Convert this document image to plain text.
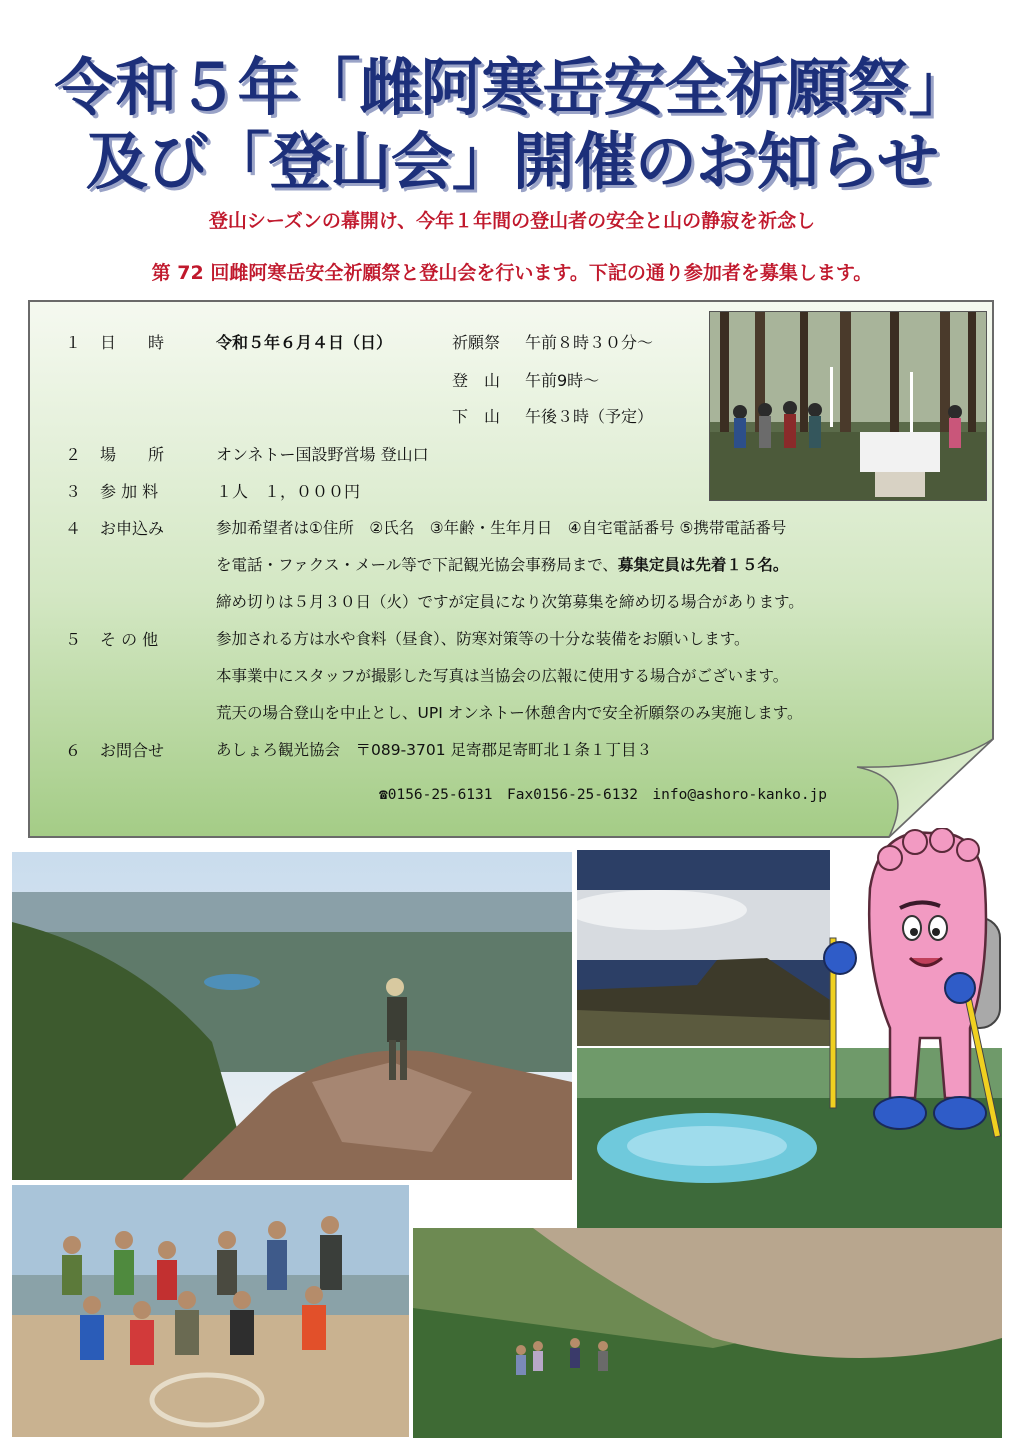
令和５年「雌阿寒岳安全祈願祭」
及び「登山会」開催のお知らせ
登山シーズンの幕開け、今年１年間の登山者の安全と山の静寂を祈念し
第 72 回雌阿寒岳安全祈願祭と登山会を行います。下記の通り参加者を募集します。
１ 日　　時	令和５年６月４日（日）	祈願祭 午前８時３０分～
登　山 午前9時～
下　山 午後３時（予定）
２ 場　　所	オンネトー国設野営場 登山口
３ 参 加 料	１人　１，０００円
４ お申込み	参加希望者は①住所　②氏名　③年齢・生年月日　④自宅電話番号 ⑤携帯電話番号
を電話・ファクス・メール等で下記観光協会事務局まで、募集定員は先着１５名。
締め切りは５月３０日（火）ですが定員になり次第募集を締め切る場合があります。
５ そ の 他	参加される方は水や食料（昼食）、防寒対策等の十分な装備をお願いします。
本事業中にスタッフが撮影した写真は当協会の広報に使用する場合がございます。
荒天の場合登山を中止とし、UPI オンネトー休憩舎内で安全祈願祭のみ実施します。
６ お問合せ	あしょろ観光協会　〒089-3701 足寄郡足寄町北１条１丁目３
☎0156-25-6131　Fax0156-25-6132　info@ashoro-kanko.jp
